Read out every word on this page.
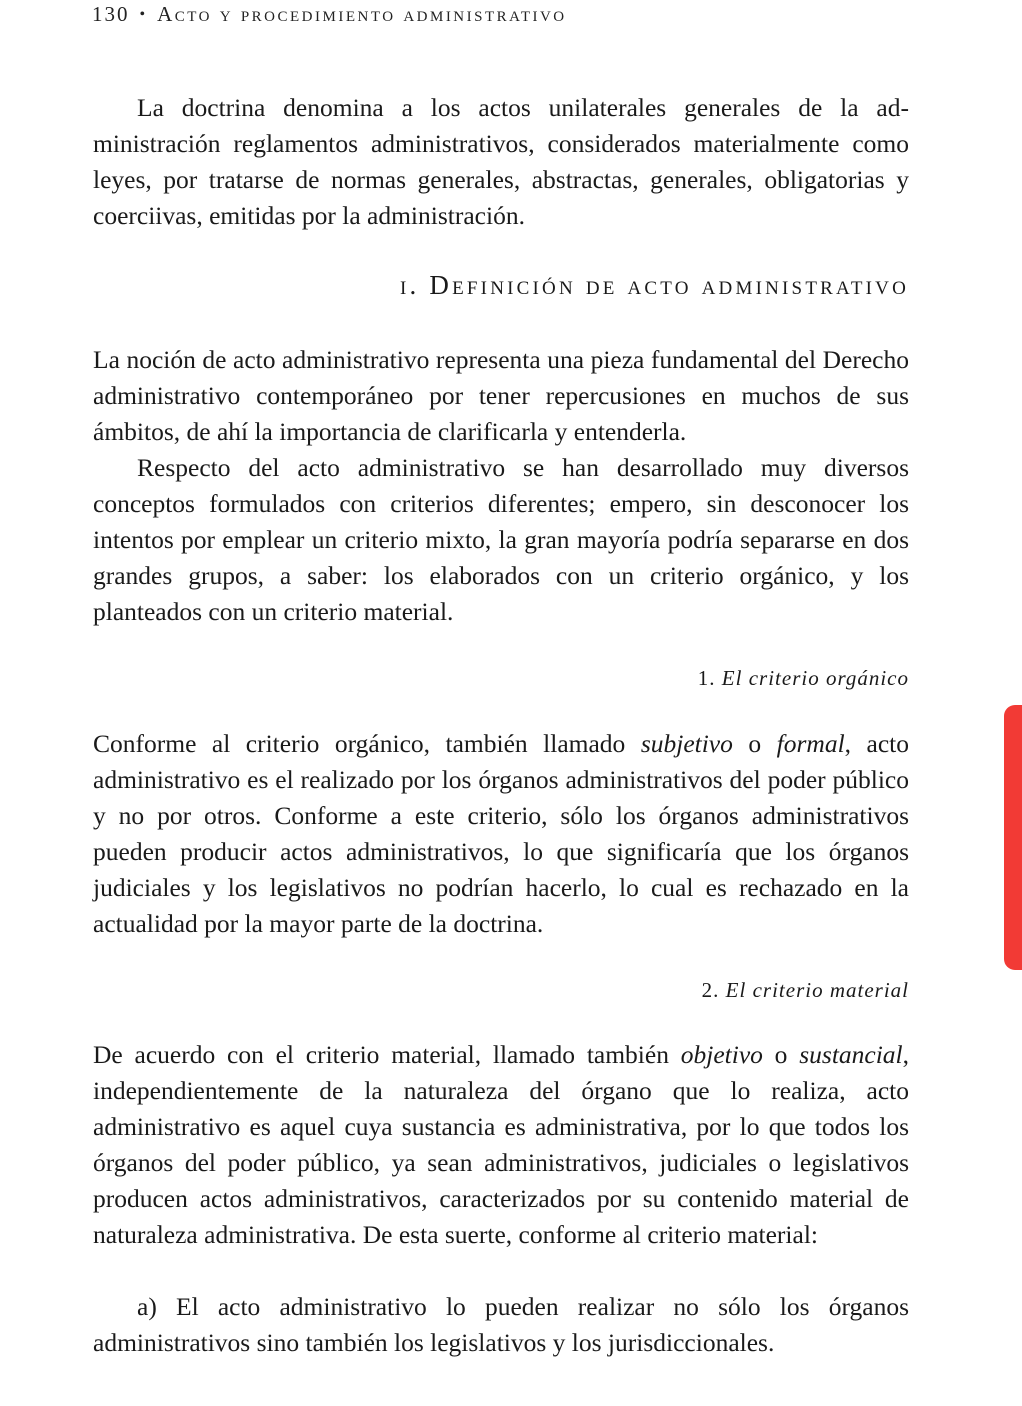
130 • Acto y procedimiento administrativo

La doctrina denomina a los actos unilaterales generales de la administración reglamentos administrativos, considerados materialmente como leyes, por tratarse de normas generales, abstractas, generales, obligatorias y coerciivas, emitidas por la administración.

i. Definición de acto administrativo

La noción de acto administrativo representa una pieza fundamental del Derecho administrativo contemporáneo por tener repercusiones en muchos de sus ámbitos, de ahí la importancia de clarificarla y entenderla.

Respecto del acto administrativo se han desarrollado muy diversos conceptos formulados con criterios diferentes; empero, sin desconocer los intentos por emplear un criterio mixto, la gran mayoría podría separarse en dos grandes grupos, a saber: los elaborados con un criterio orgánico, y los planteados con un criterio material.

1. El criterio orgánico

Conforme al criterio orgánico, también llamado subjetivo o formal, acto administrativo es el realizado por los órganos administrativos del poder público y no por otros. Conforme a este criterio, sólo los órganos administrativos pueden producir actos administrativos, lo que significaría que los órganos judiciales y los legislativos no podrían hacerlo, lo cual es rechazado en la actualidad por la mayor parte de la doctrina.

2. El criterio material

De acuerdo con el criterio material, llamado también objetivo o sustancial, independientemente de la naturaleza del órgano que lo realiza, acto administrativo es aquel cuya sustancia es administrativa, por lo que todos los órganos del poder público, ya sean administrativos, judiciales o legislativos producen actos administrativos, caracterizados por su contenido material de naturaleza administrativa. De esta suerte, conforme al criterio material:

a) El acto administrativo lo pueden realizar no sólo los órganos administrativos sino también los legislativos y los jurisdiccionales.
